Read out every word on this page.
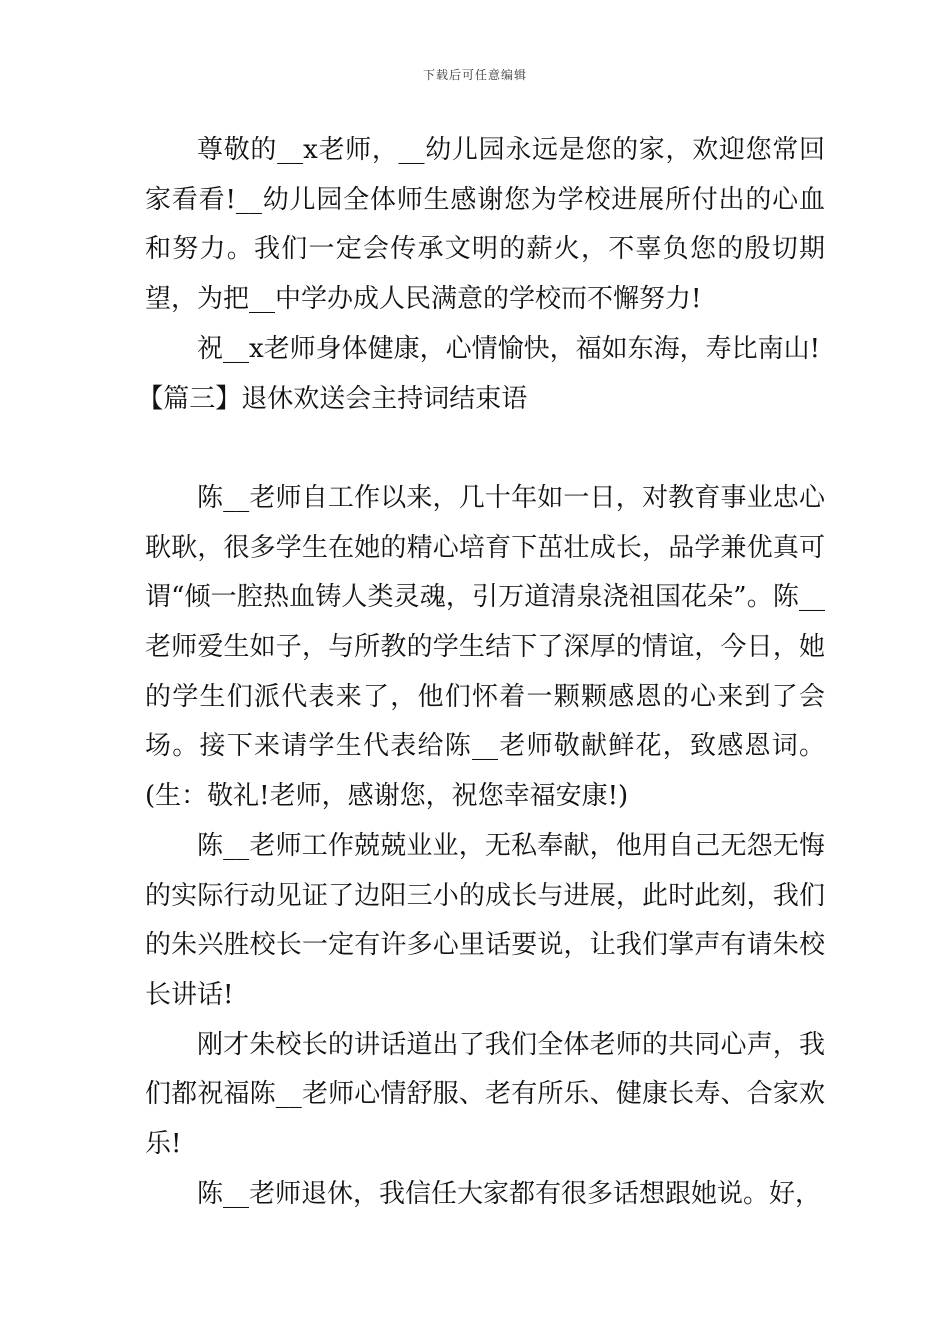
下载后可任意编辑

尊敬的__x老师，__幼儿园永远是您的家，欢迎您常回家看看!__幼儿园全体师生感谢您为学校进展所付出的心血和努力。我们一定会传承文明的薪火，不辜负您的殷切期望，为把__中学办成人民满意的学校而不懈努力!

祝__x老师身体健康，心情愉快，福如东海，寿比南山!

【篇三】退休欢送会主持词结束语

陈__老师自工作以来，几十年如一日，对教育事业忠心耿耿，很多学生在她的精心培育下茁壮成长，品学兼优真可谓“倾一腔热血铸人类灵魂，引万道清泉浇祖国花朵”。陈__老师爱生如子，与所教的学生结下了深厚的情谊，今日，她的学生们派代表来了，他们怀着一颗颗感恩的心来到了会场。接下来请学生代表给陈__老师敬献鲜花，致感恩词。(生：敬礼!老师，感谢您，祝您幸福安康!)

陈__老师工作兢兢业业，无私奉献，他用自己无怨无悔的实际行动见证了边阳三小的成长与进展，此时此刻，我们的朱兴胜校长一定有许多心里话要说，让我们掌声有请朱校长讲话!

刚才朱校长的讲话道出了我们全体老师的共同心声，我们都祝福陈__老师心情舒服、老有所乐、健康长寿、合家欢乐!

陈__老师退休，我信任大家都有很多话想跟她说。好，
